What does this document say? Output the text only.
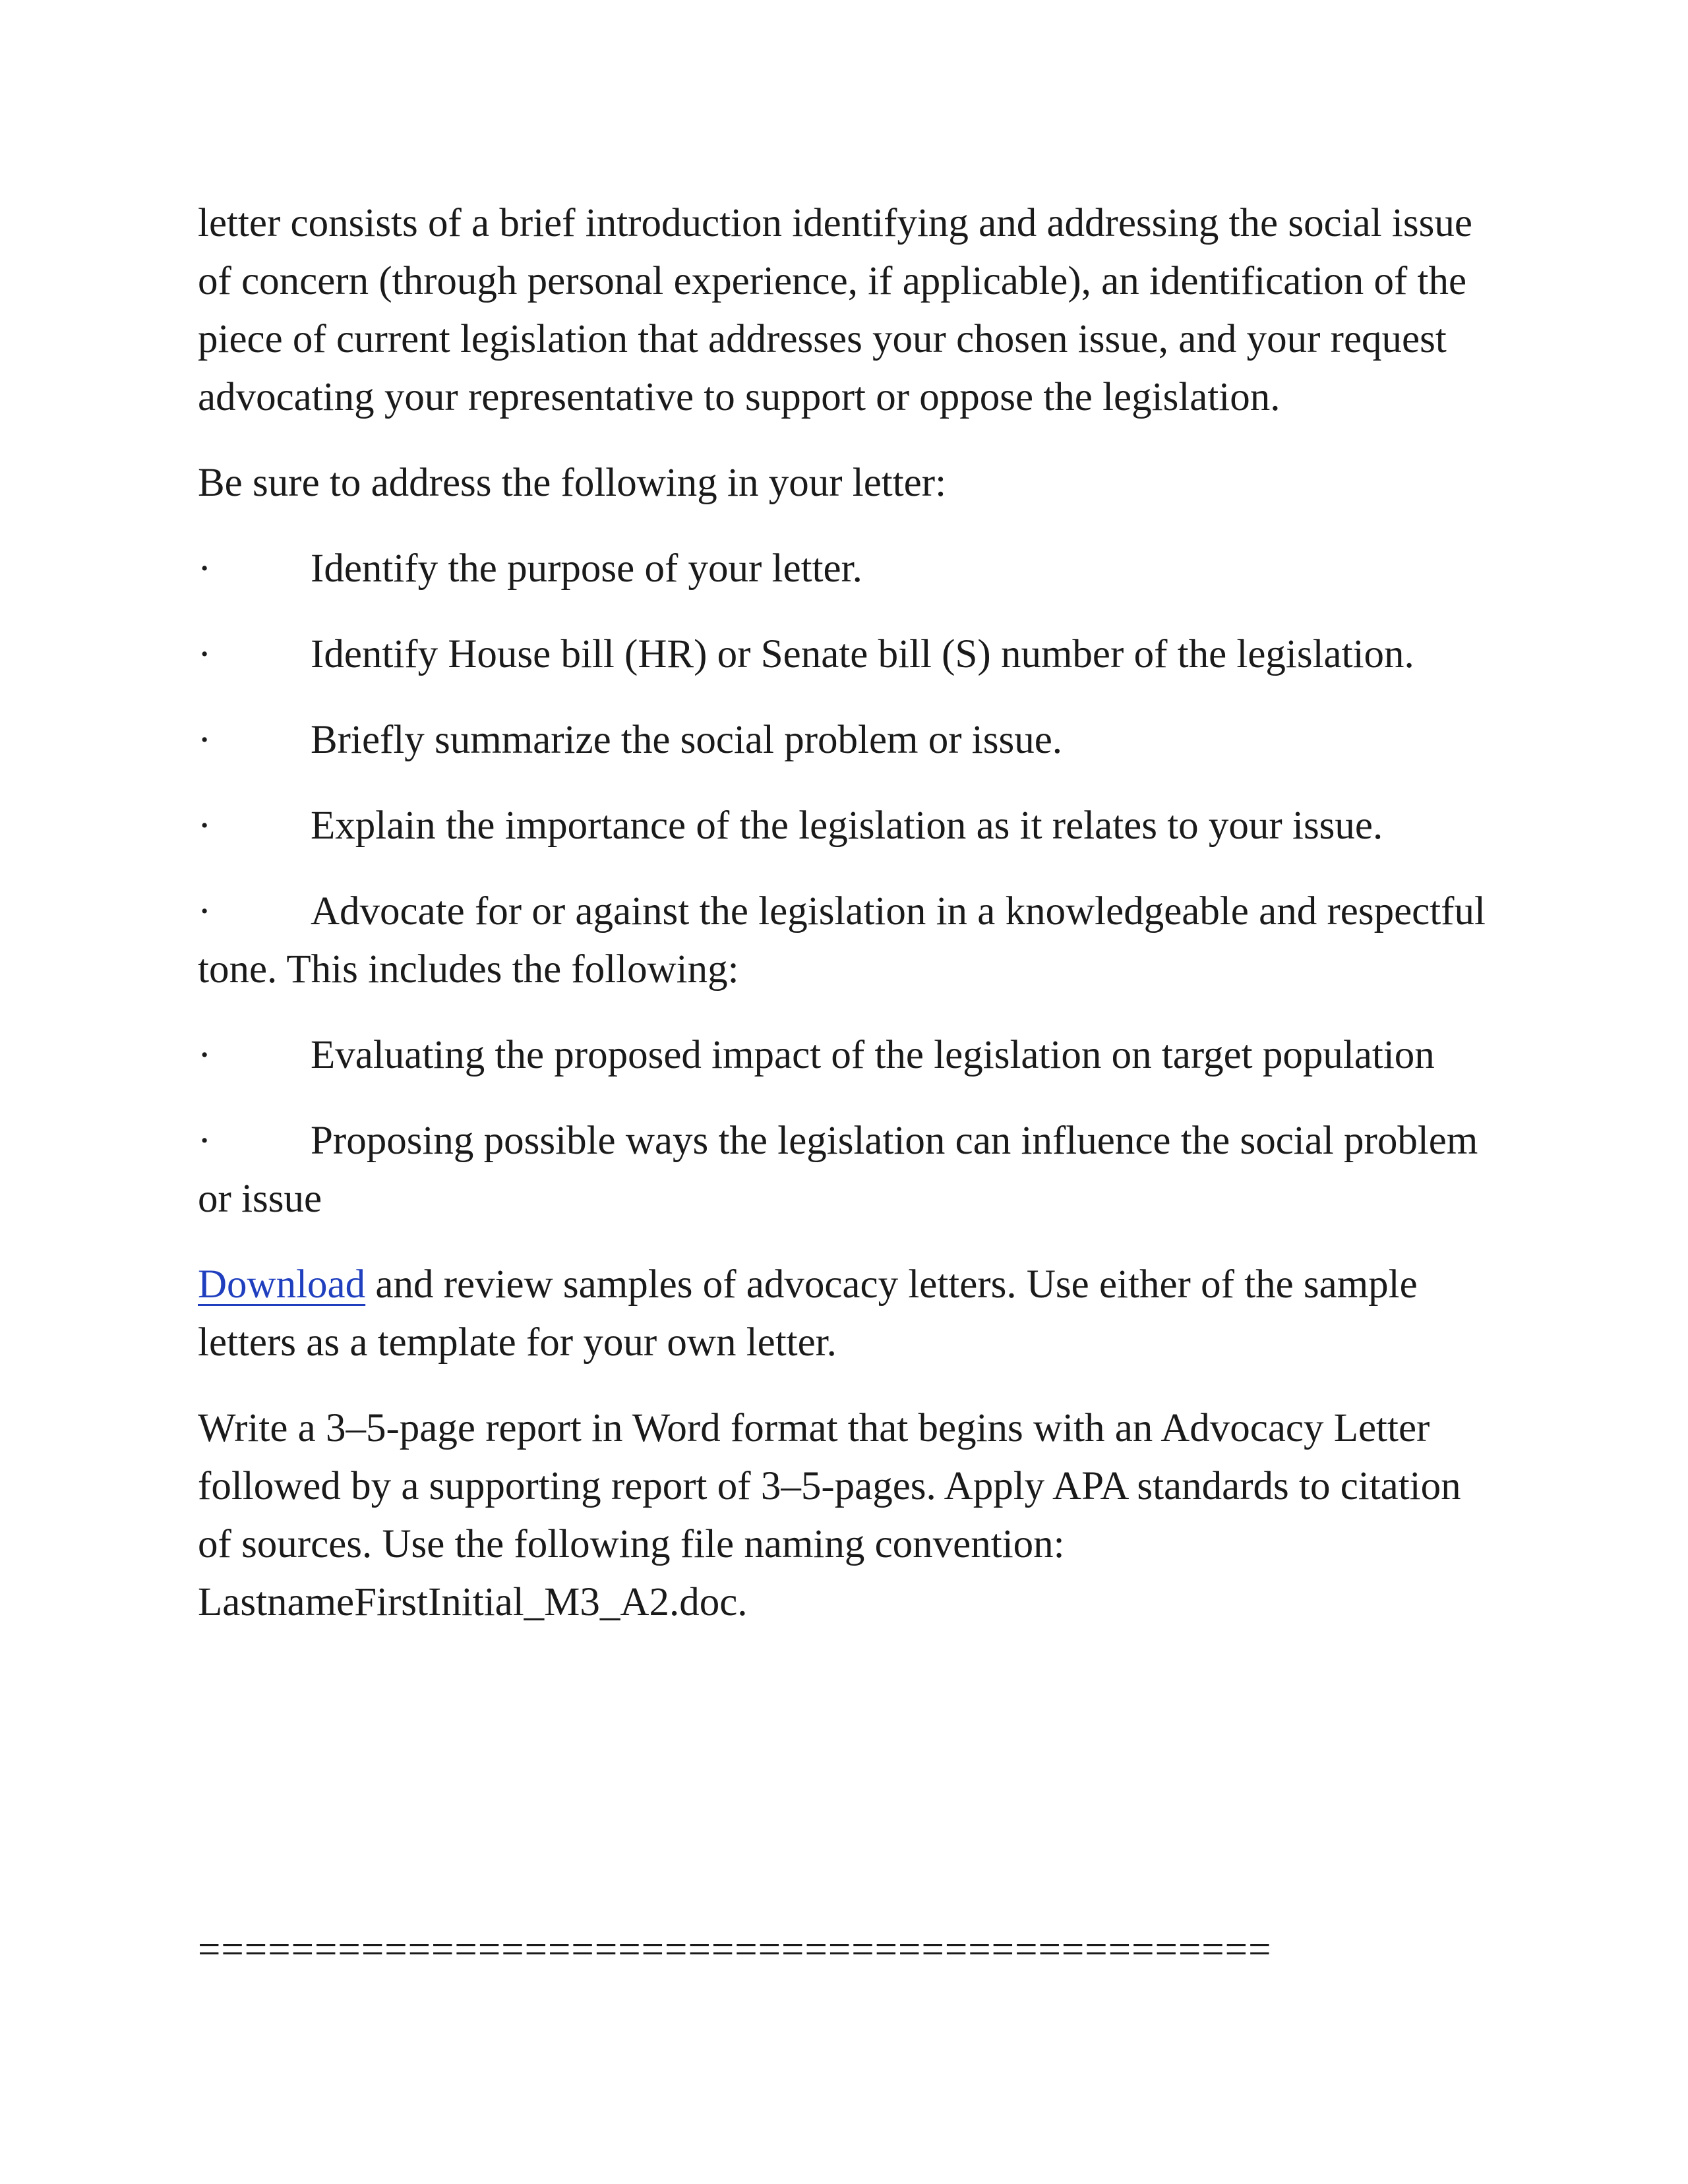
letter consists of a brief introduction identifying and addressing the social issue of concern (through personal experience, if applicable), an identification of the piece of current legislation that addresses your chosen issue, and your request advocating your representative to support or oppose the legislation.

Be sure to address the following in your letter:

· Identify the purpose of your letter.

· Identify House bill (HR) or Senate bill (S) number of the legislation.

· Briefly summarize the social problem or issue.

· Explain the importance of the legislation as it relates to your issue.

· Advocate for or against the legislation in a knowledgeable and respectful tone. This includes the following:

· Evaluating the proposed impact of the legislation on target population

· Proposing possible ways the legislation can influence the social problem or issue

Download and review samples of advocacy letters. Use either of the sample letters as a template for your own letter.

Write a 3–5-page report in Word format that begins with an Advocacy Letter followed by a supporting report of 3–5-pages. Apply APA standards to citation of sources. Use the following file naming convention: LastnameFirstInitial_M3_A2.doc.

==============================================
